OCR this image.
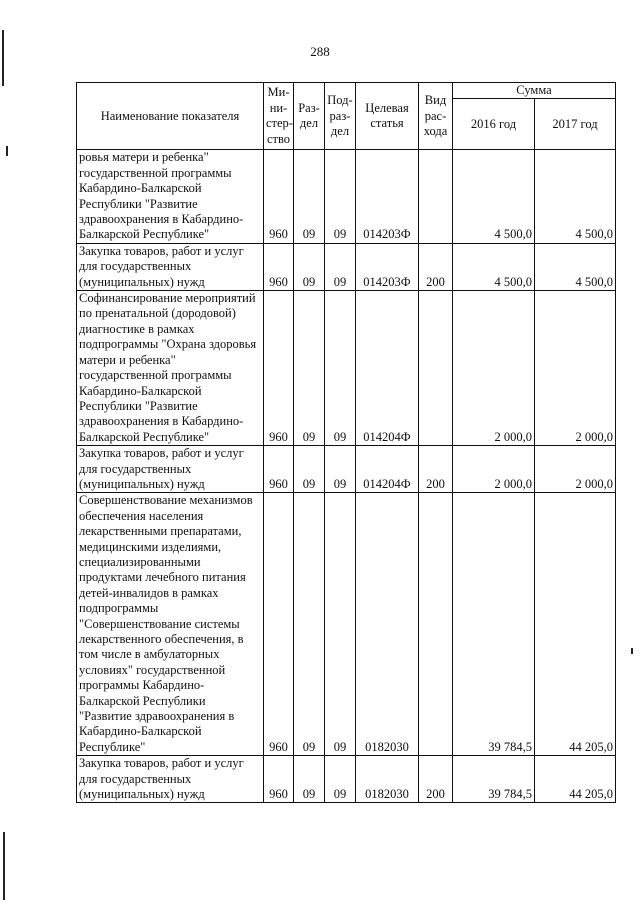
288
Наименование показателя	Ми-ни-стер-ство	Раз-дел	Под-раз-дел	Целевая статья	Вид рас-хода	Сумма	
						2016 год	2017 год
ровья матери и ребенка" государственной программы Кабардино-Балкарской Республики "Развитие здравоохранения в Кабардино-Балкарской Республике"	960	09	09	014203Ф		4 500,0	4 500,0
Закупка товаров, работ и услуг для государственных (муниципальных) нужд	960	09	09	014203Ф	200	4 500,0	4 500,0
Софинансирование мероприятий по пренатальной (дородовой) диагностике в рамках подпрограммы "Охрана здоровья матери и ребенка" государственной программы Кабардино-Балкарской Республики "Развитие здравоохранения в Кабардино-Балкарской Республике"	960	09	09	014204Ф		2 000,0	2 000,0
Закупка товаров, работ и услуг для государственных (муниципальных) нужд	960	09	09	014204Ф	200	2 000,0	2 000,0
Совершенствование механизмов обеспечения населения лекарственными препаратами, медицинскими изделиями, специализированными продуктами лечебного питания детей-инвалидов в рамках подпрограммы "Совершенствование системы лекарственного обеспечения, в том числе в амбулаторных условиях" государственной программы Кабардино-Балкарской Республики "Развитие здравоохранения в Кабардино-Балкарской Республике"	960	09	09	0182030		39 784,5	44 205,0
Закупка товаров, работ и услуг для государственных (муниципальных) нужд	960	09	09	0182030	200	39 784,5	44 205,0
